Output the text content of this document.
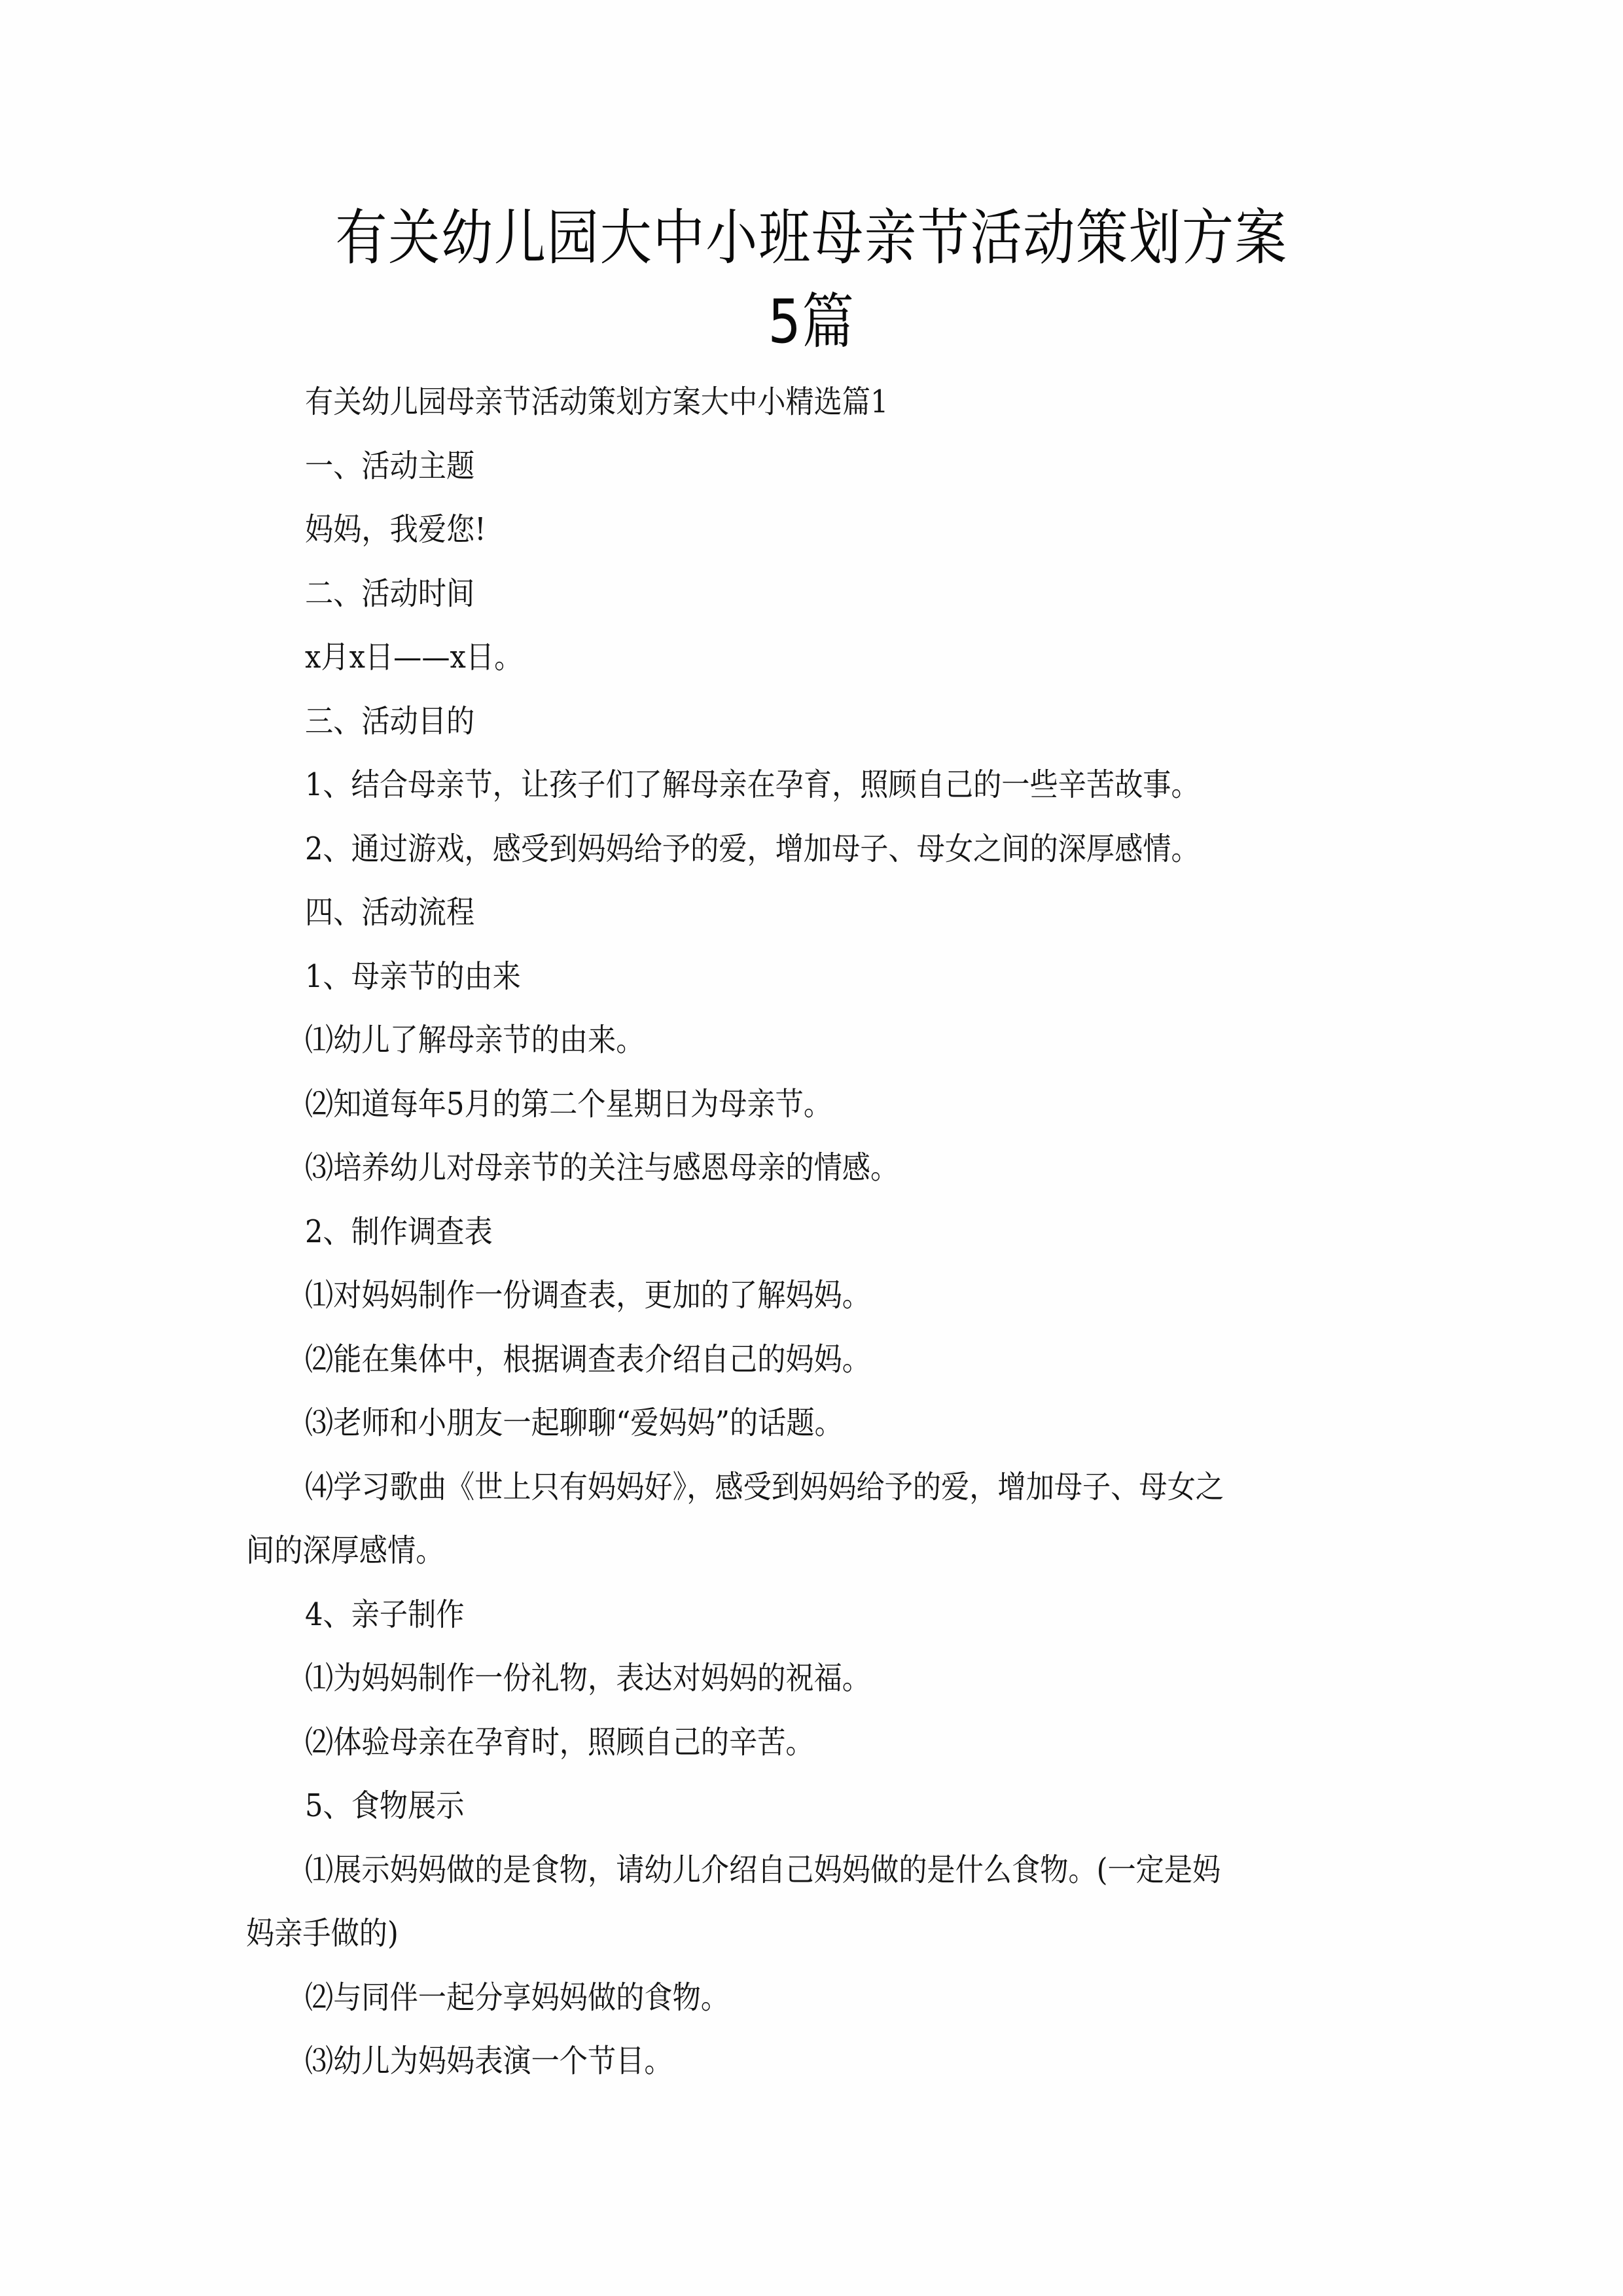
有关幼儿园大中小班母亲节活动策划方案
5篇

有关幼儿园母亲节活动策划方案大中小精选篇1

一、活动主题

妈妈，我爱您!

二、活动时间

x月x日——x日。

三、活动目的

1、结合母亲节，让孩子们了解母亲在孕育，照顾自己的一些辛苦故事。

2、通过游戏，感受到妈妈给予的爱，增加母子、母女之间的深厚感情。

四、活动流程

1、母亲节的由来

⑴幼儿了解母亲节的由来。

⑵知道每年5月的第二个星期日为母亲节。

⑶培养幼儿对母亲节的关注与感恩母亲的情感。

2、制作调查表

⑴对妈妈制作一份调查表，更加的了解妈妈。

⑵能在集体中，根据调查表介绍自己的妈妈。

⑶老师和小朋友一起聊聊“爱妈妈”的话题。

⑷学习歌曲《世上只有妈妈好》，感受到妈妈给予的爱，增加母子、母女之

间的深厚感情。

4、亲子制作

⑴为妈妈制作一份礼物，表达对妈妈的祝福。

⑵体验母亲在孕育时，照顾自己的辛苦。

5、食物展示

⑴展示妈妈做的是食物，请幼儿介绍自己妈妈做的是什么食物。(一定是妈

妈亲手做的)

⑵与同伴一起分享妈妈做的食物。

⑶幼儿为妈妈表演一个节目。
